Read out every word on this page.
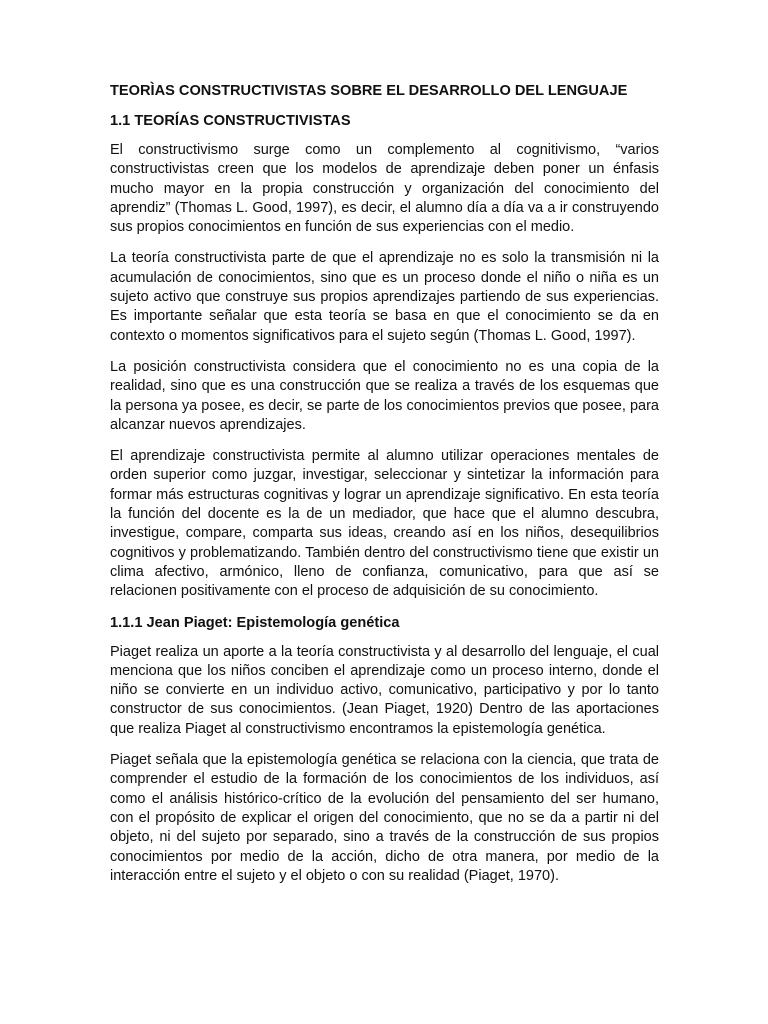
TEORÌAS CONSTRUCTIVISTAS SOBRE EL DESARROLLO DEL LENGUAJE
1.1 TEORÍAS CONSTRUCTIVISTAS

El constructivismo surge como un complemento al cognitivismo, “varios constructivistas creen que los modelos de aprendizaje deben poner un énfasis mucho mayor en la propia construcción y organización del conocimiento del aprendiz” (Thomas L. Good, 1997), es decir, el alumno día a día va a ir construyendo sus propios conocimientos en función de sus experiencias con el medio.

La teoría constructivista parte de que el aprendizaje no es solo la transmisión ni la acumulación de conocimientos, sino que es un proceso donde el niño o niña es un sujeto activo que construye sus propios aprendizajes partiendo de sus experiencias. Es importante señalar que esta teoría se basa en que el conocimiento se da en contexto o momentos significativos para el sujeto según (Thomas L. Good, 1997).

La posición constructivista considera que el conocimiento no es una copia de la realidad, sino que es una construcción que se realiza a través de los esquemas que la persona ya posee, es decir, se parte de los conocimientos previos que posee, para alcanzar nuevos aprendizajes.

El aprendizaje constructivista permite al alumno utilizar operaciones mentales de orden superior como juzgar, investigar, seleccionar y sintetizar la información para formar más estructuras cognitivas y lograr un aprendizaje significativo. En esta teoría la función del docente es la de un mediador, que hace que el alumno descubra, investigue, compare, comparta sus ideas, creando así en los niños, desequilibrios cognitivos y problematizando. También dentro del constructivismo tiene que existir un clima afectivo, armónico, lleno de confianza, comunicativo, para que así se relacionen positivamente con el proceso de adquisición de su conocimiento.

1.1.1 Jean Piaget: Epistemología genética

Piaget realiza un aporte a la teoría constructivista y al desarrollo del lenguaje, el cual menciona que los niños conciben el aprendizaje como un proceso interno, donde el niño se convierte en un individuo activo, comunicativo, participativo y por lo tanto constructor de sus conocimientos. (Jean Piaget, 1920) Dentro de las aportaciones que realiza Piaget al constructivismo encontramos la epistemología genética.

Piaget señala que la epistemología genética se relaciona con la ciencia, que trata de comprender el estudio de la formación de los conocimientos de los individuos, así como el análisis histórico-crítico de la evolución del pensamiento del ser humano, con el propósito de explicar el origen del conocimiento, que no se da a partir ni del objeto, ni del sujeto por separado, sino a través de la construcción de sus propios conocimientos por medio de la acción, dicho de otra manera, por medio de la interacción entre el sujeto y el objeto o con su realidad (Piaget, 1970).
